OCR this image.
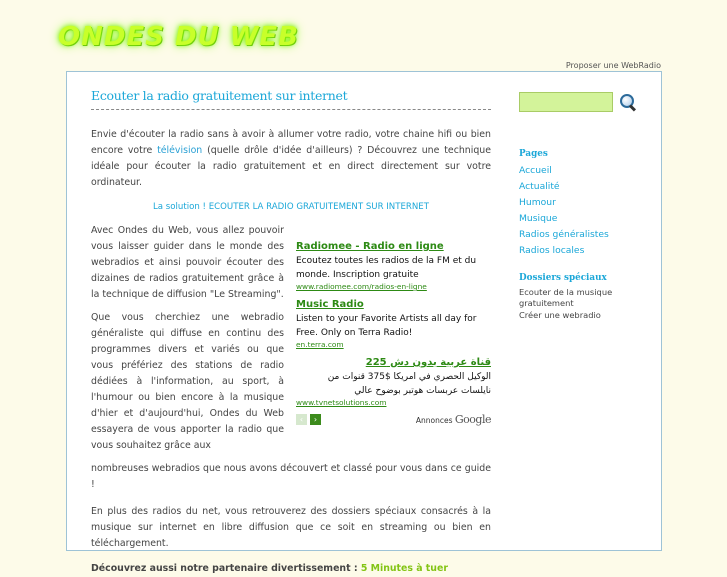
ONDES DU WEB
Proposer une WebRadio
Ecouter la radio gratuitement sur internet

Envie d'écouter la radio sans à avoir à allumer votre radio, votre chaine hifi ou bien encore votre télévision (quelle drôle d'idée d'ailleurs) ? Découvrez une technique idéale pour écouter la radio gratuitement et en direct directement sur votre ordinateur.

La solution ! ECOUTER LA RADIO GRATUITEMENT SUR INTERNET
Radiomee - Radio en ligne
Ecoutez toutes les radios de la FM et du monde. Inscription gratuite
www.radiomee.com/radios-en-ligne
Music Radio
Listen to your Favorite Artists all day for Free. Only on Terra Radio!
en.terra.com
قناة عربية بدون دش 225
الوكيل الحصري في امريكا $375 قنوات من نايلسات عربسات هوتبر بوضوح عالي
www.tvnetsolutions.com
‹	›	Annonces Google

Avec Ondes du Web, vous allez pouvoir vous laisser guider dans le monde des webradios et ainsi pouvoir écouter des dizaines de radios gratuitement grâce à la technique de diffusion "Le Streaming".

Que vous cherchiez une webradio généraliste qui diffuse en continu des programmes divers et variés ou que vous préfériez des stations de radio dédiées à l'information, au sport, à l'humour ou bien encore à la musique d'hier et d'aujourd'hui, Ondes du Web essayera de vous apporter la radio que vous souhaitez grâce aux

nombreuses webradios que nous avons découvert et classé pour vous dans ce guide !

En plus des radios du net, vous retrouverez des dossiers spéciaux consacrés à la musique sur internet en libre diffusion que ce soit en streaming ou bien en téléchargement.

Découvrez aussi notre partenaire divertissement : 5 Minutes à tuer

Pages
Accueil
Actualité
Humour
Musique
Radios généralistes
Radios locales
Dossiers spéciaux
Ecouter de la musique gratuitement
Créer une webradio
